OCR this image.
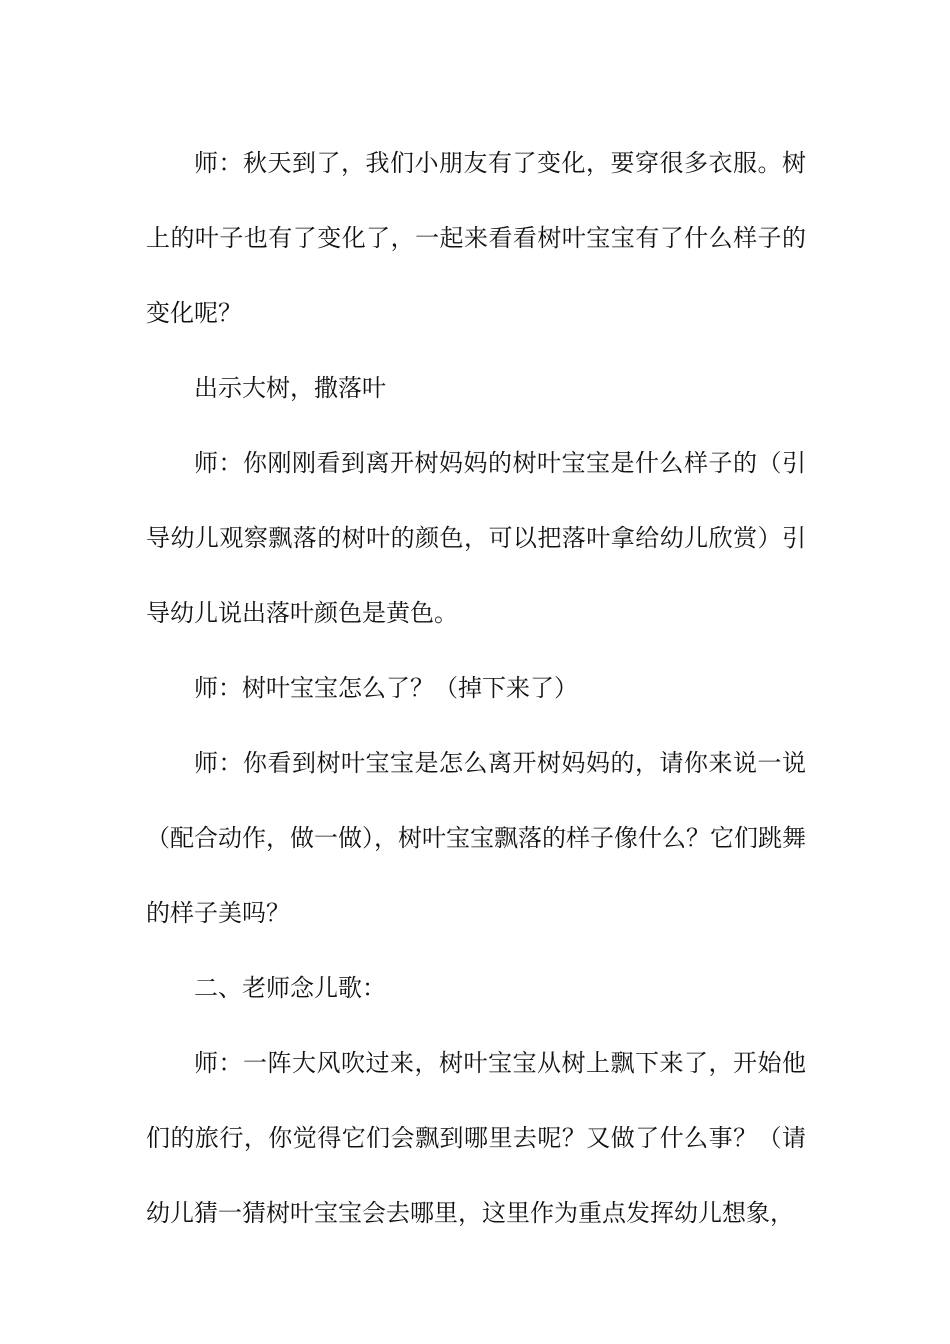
师：秋天到了，我们小朋友有了变化，要穿很多衣服。树上的叶子也有了变化了，一起来看看树叶宝宝有了什么样子的变化呢？

出示大树，撒落叶

师：你刚刚看到离开树妈妈的树叶宝宝是什么样子的（引导幼儿观察飘落的树叶的颜色，可以把落叶拿给幼儿欣赏）引导幼儿说出落叶颜色是黄色。

师：树叶宝宝怎么了？（掉下来了）

师：你看到树叶宝宝是怎么离开树妈妈的，请你来说一说（配合动作，做一做），树叶宝宝飘落的样子像什么？它们跳舞的样子美吗？

二、老师念儿歌：

师：一阵大风吹过来，树叶宝宝从树上飘下来了，开始他们的旅行，你觉得它们会飘到哪里去呢？又做了什么事？（请幼儿猜一猜树叶宝宝会去哪里，这里作为重点发挥幼儿想象，
